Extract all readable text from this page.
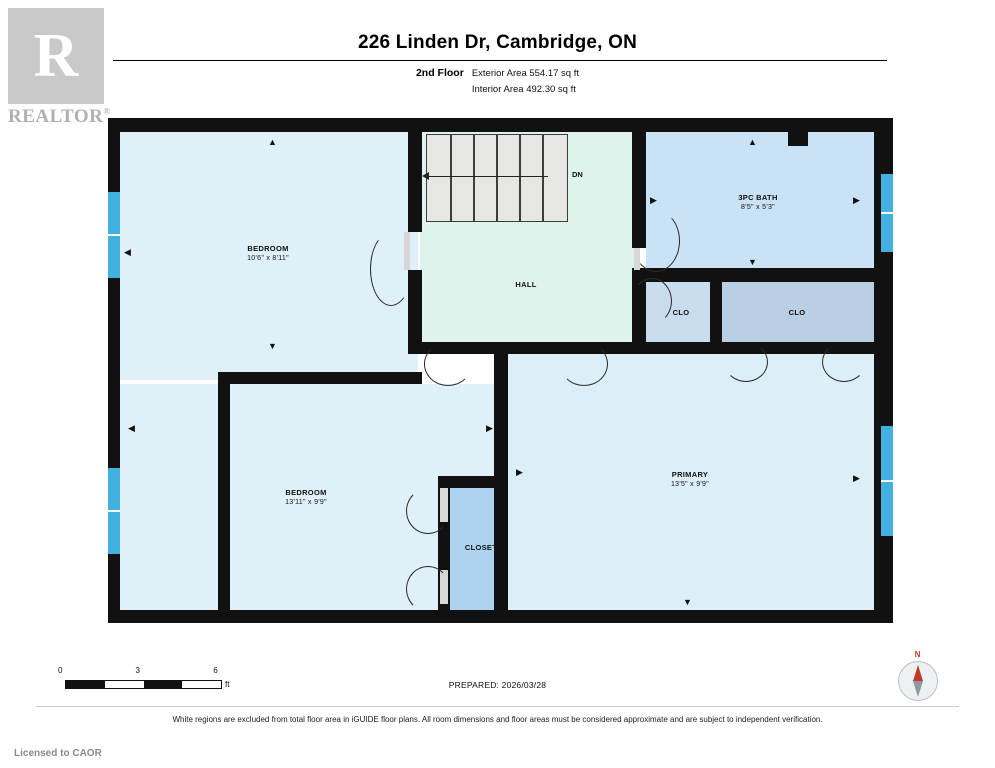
R
REALTOR®
226 Linden Dr, Cambridge, ON
2nd Floor Exterior Area 554.17 sq ft
Interior Area 492.30 sq ft
DN
▲
▼
◀
▲
▼
▶	▶
◀	▶
▶
▶
▼
▲
BEDROOM
10'6" x 8'11"
3PC BATH
8'5" x 5'3"
HALL
CLO	CLO
BEDROOM
13'11" x 9'9"
CLOSET
PRIMARY
13'5" x 9'9"
0	3	6
ft	PREPARED: 2026/03/28
N
White regions are excluded from total floor area in iGUIDE floor plans. All room dimensions and floor areas must be considered approximate and are subject to independent verification.
Licensed to CAOR
